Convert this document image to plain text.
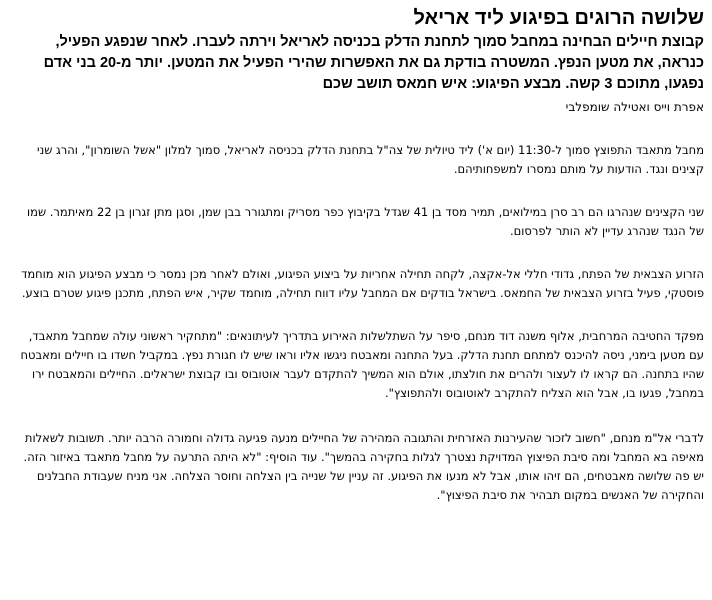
שלושה הרוגים בפיגוע ליד אריאל

קבוצת חיילים הבחינה במחבל סמוך לתחנת הדלק בכניסה לאריאל וירתה לעברו. לאחר שנפגע הפעיל, כנראה, את מטען הנפץ. המשטרה בודקת גם את האפשרות שהירי הפעיל את המטען. יותר מ-20 בני אדם נפגעו, מתוכם 3 קשה. מבצע הפיגוע: איש חמאס תושב שכם

אפרת וייס ואטילה שומפלבי

מחבל מתאבד התפוצץ סמוך ל-11:30 (יום א') ליד טיולית של צה"ל בתחנת הדלק בכניסה לאריאל, סמוך למלון "אשל השומרון", והרג שני קצינים ונגד. הודעות על מותם נמסרו למשפחותיהם.

שני הקצינים שנהרגו הם רב סרן במילואים, תמיר מסד בן 41 שגדל בקיבוץ כפר מסריק ומתגורר בבן שמן, וסגן מתן זגרון בן 22 מאיתמר. שמו של הנגד שנהרג עדיין לא הותר לפרסום.

הזרוע הצבאית של הפתח, גדודי חללי אל-אקצה, לקחה תחילה אחריות על ביצוע הפיגוע, ואולם לאחר מכן נמסר כי מבצע הפיגוע הוא מוחמד פוסטקי, פעיל בזרוע הצבאית של החמאס. בישראל בודקים אם המחבל עליו דווח תחילה, מוחמד שקיר, איש הפתח, מתכנן פיגוע שטרם בוצע.

מפקד החטיבה המרחבית, אלוף משנה דוד מנחם, סיפר על השתלשלות האירוע בתדריך לעיתונאים: "מתחקיר ראשוני עולה שמחבל מתאבד, עם מטען בימני, ניסה להיכנס למתחם תחנת הדלק. בעל התחנה ומאבטח ניגשו אליו וראו שיש לו חגורת נפץ. במקביל חשדו בו חיילים ומאבטח שהיו בתחנה. הם קראו לו לעצור ולהרים את חולצתו, אולם הוא המשיך להתקדם לעבר אוטובוס ובו קבוצת ישראלים. החיילים והמאבטח ירו במחבל, פגעו בו, אבל הוא הצליח להתקרב לאוטובוס ולהתפוצץ".

לדברי אל"מ מנחם, "חשוב לזכור שהעירנות האזרחית והתגובה המהירה של החיילים מנעה פגיעה גדולה וחמורה הרבה יותר. תשובות לשאלות מאיפה בא המחבל ומה סיבת הפיצוץ המדויקת נצטרך לגלות בחקירה בהמשך". עוד הוסיף: "לא היתה התרעה על מחבל מתאבד באיזור הזה. יש פה שלושה מאבטחים, הם זיהו אותו, אבל לא מנעו את הפיגוע. זה עניין של שנייה בין הצלחה וחוסר הצלחה. אני מניח שעבודת החבלנים והחקירה של האנשים במקום תבהיר את סיבת הפיצוץ".
